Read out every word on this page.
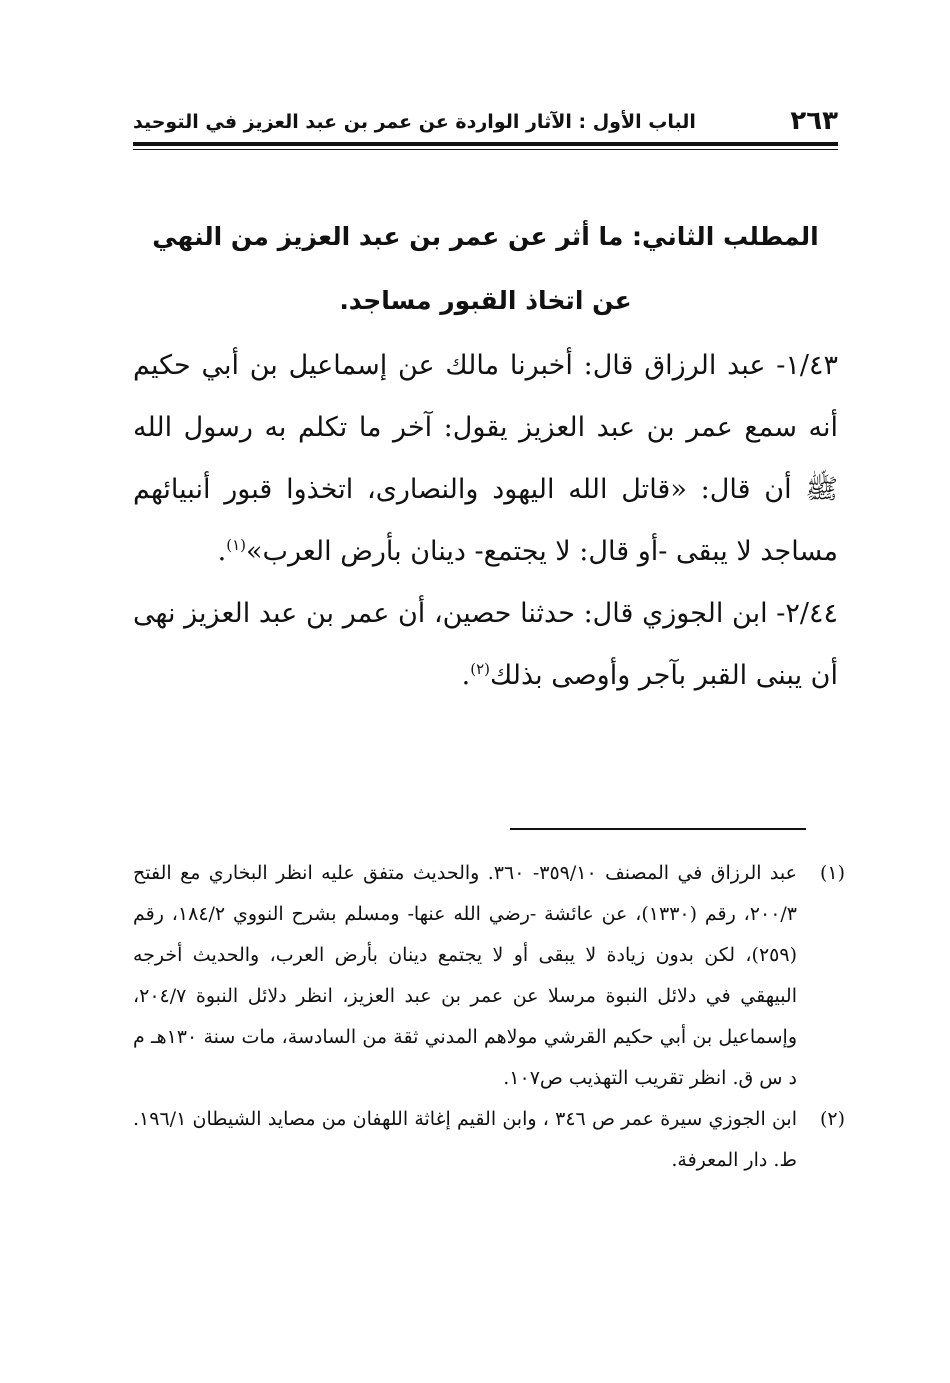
٢٦٣
الباب الأول : الآثار الواردة عن عمر بن عبد العزيز في التوحيد

المطلب الثاني: ما أثر عن عمر بن عبد العزيز من النهي عن اتخاذ القبور مساجد.

١/٤٣- عبد الرزاق قال: أخبرنا مالك عن إسماعيل بن أبي حكيم أنه سمع عمر بن عبد العزيز يقول: آخر ما تكلم به رسول الله ﷺ أن قال: «قاتل الله اليهود والنصارى، اتخذوا قبور أنبيائهم مساجد لا يبقى -أو قال: لا يجتمع- دينان بأرض العرب»$^{(١)}$.

٢/٤٤- ابن الجوزي قال: حدثنا حصين، أن عمر بن عبد العزيز نهى أن يبنى القبر بآجر وأوصى بذلك$^{(٢)}$.

(١)
عبد الرزاق في المصنف ٣٥٩/١٠- ٣٦٠. والحديث متفق عليه انظر البخاري مع الفتح ٢٠٠/٣، رقم (١٣٣٠)، عن عائشة -رضي الله عنها- ومسلم بشرح النووي ١٨٤/٢، رقم (٢٥٩)، لكن بدون زيادة لا يبقى أو لا يجتمع دينان بأرض العرب، والحديث أخرجه البيهقي في دلائل النبوة مرسلا عن عمر بن عبد العزيز، انظر دلائل النبوة ٢٠٤/٧، وإسماعيل بن أبي حكيم القرشي مولاهم المدني ثقة من السادسة، مات سنة ١٣٠هـ م د س ق. انظر تقريب التهذيب ص١٠٧.
(٢)
ابن الجوزي سيرة عمر ص ٣٤٦ ، وابن القيم إغاثة اللهفان من مصايد الشيطان ١٩٦/١. ط. دار المعرفة.
